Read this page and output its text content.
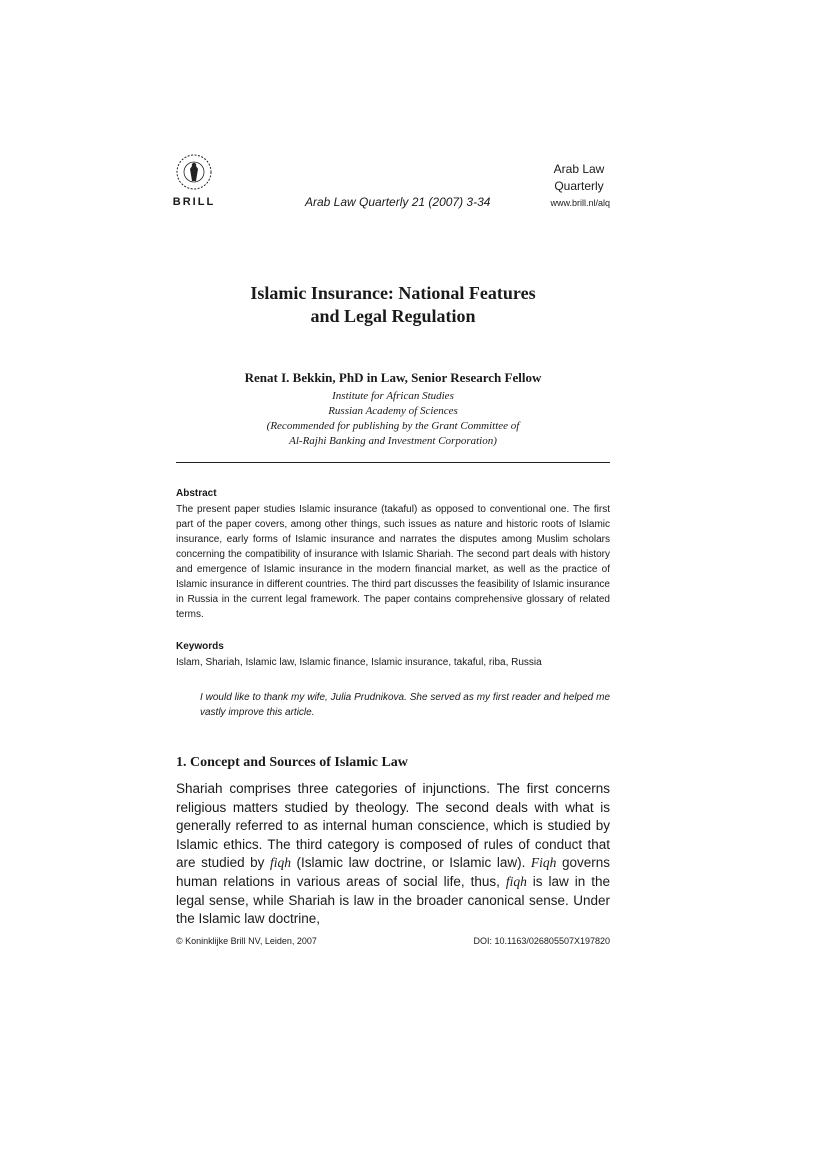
BRILL	Arab Law Quarterly 21 (2007) 3-34
Arab Law Quarterly
www.brill.nl/alq
Islamic Insurance: National Features
and Legal Regulation
Renat I. Bekkin, PhD in Law, Senior Research Fellow
Institute for African Studies
Russian Academy of Sciences
(Recommended for publishing by the Grant Committee of
Al-Rajhi Banking and Investment Corporation)
Abstract
The present paper studies Islamic insurance (takaful) as opposed to conventional one. The first part of the paper covers, among other things, such issues as nature and historic roots of Islamic insurance, early forms of Islamic insurance and narrates the disputes among Muslim scholars concerning the compatibility of insurance with Islamic Shariah. The second part deals with history and emergence of Islamic insurance in the modern financial market, as well as the practice of Islamic insurance in different countries. The third part discusses the feasibility of Islamic insurance in Russia in the current legal framework. The paper contains comprehensive glossary of related terms.
Keywords
Islam, Shariah, Islamic law, Islamic finance, Islamic insurance, takaful, riba, Russia
I would like to thank my wife, Julia Prudnikova. She served as my first reader and helped me vastly improve this article.
1. Concept and Sources of Islamic Law
Shariah comprises three categories of injunctions. The first concerns religious matters studied by theology. The second deals with what is generally referred to as internal human conscience, which is studied by Islamic ethics. The third category is composed of rules of conduct that are studied by fiqh (Islamic law doctrine, or Islamic law). Fiqh governs human relations in various areas of social life, thus, fiqh is law in the legal sense, while Shariah is law in the broader canonical sense. Under the Islamic law doctrine,
© Koninklijke Brill NV, Leiden, 2007	DOI: 10.1163/026805507X197820
